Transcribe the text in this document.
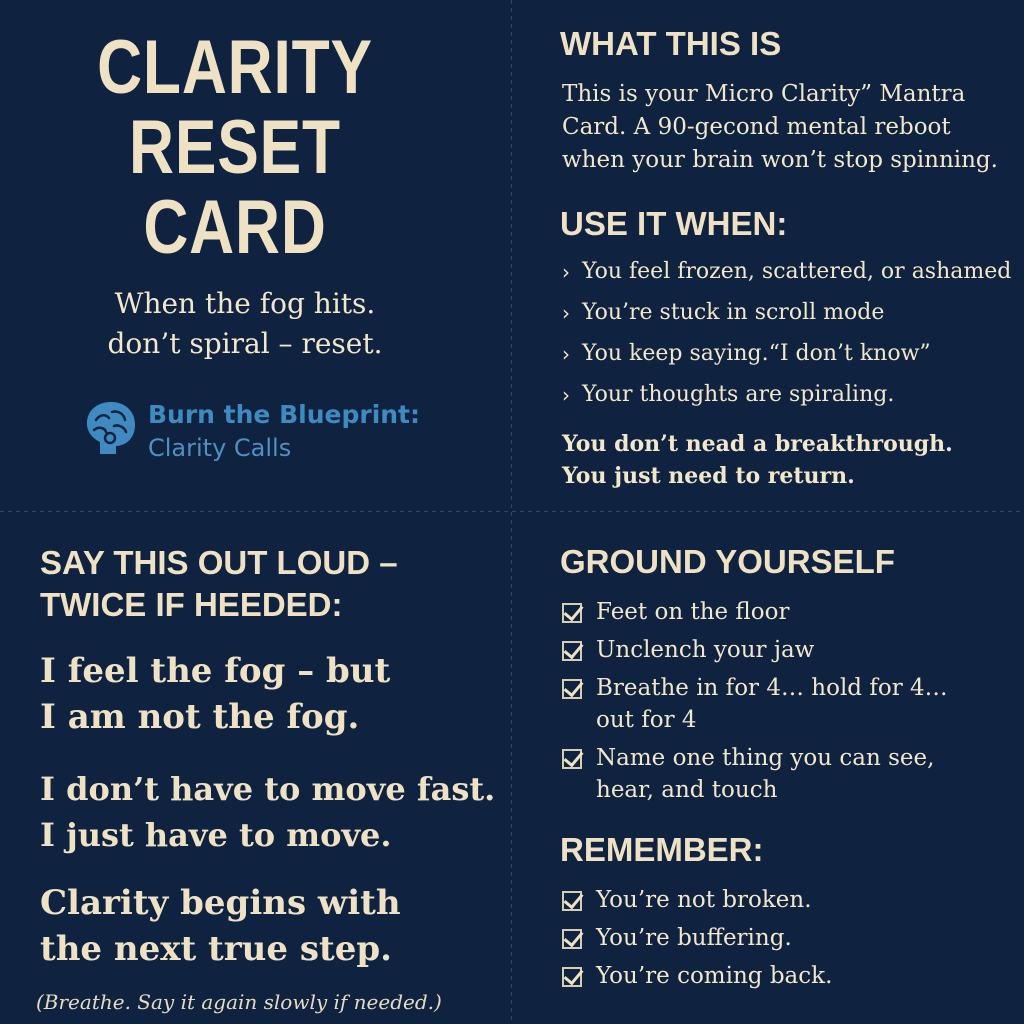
CLARITY
RESET
CARD
When the fog hits.
don’t spiral – reset.
Burn the Blueprint:
Clarity Calls
WHAT THIS IS
This is your Micro Clarity” Mantra Card. A 90-gecond mental reboot when your brain won’t stop spinning.
USE IT WHEN:
› You feel frozen, scattered, or ashamed
› You’re stuck in scroll mode
› You keep saying.“I don’t know”
› Your thoughts are spiraling.
You don’t nead a breakthrough.
You just need to return.
SAY THIS OUT LOUD –
TWICE IF HEEDED:
I feel the fog – but
I am not the fog.
I don’t have to move fast.
I just have to move.
Clarity begins with
the next true step.
(Breathe. Say it again slowly if needed.)
GROUND YOURSELF
Feet on the floor
Unclench your jaw
Breathe in for 4… hold for 4… out for 4
Name one thing you can see, hear, and touch
REMEMBER:
You’re not broken.
You’re buffering.
You’re coming back.
